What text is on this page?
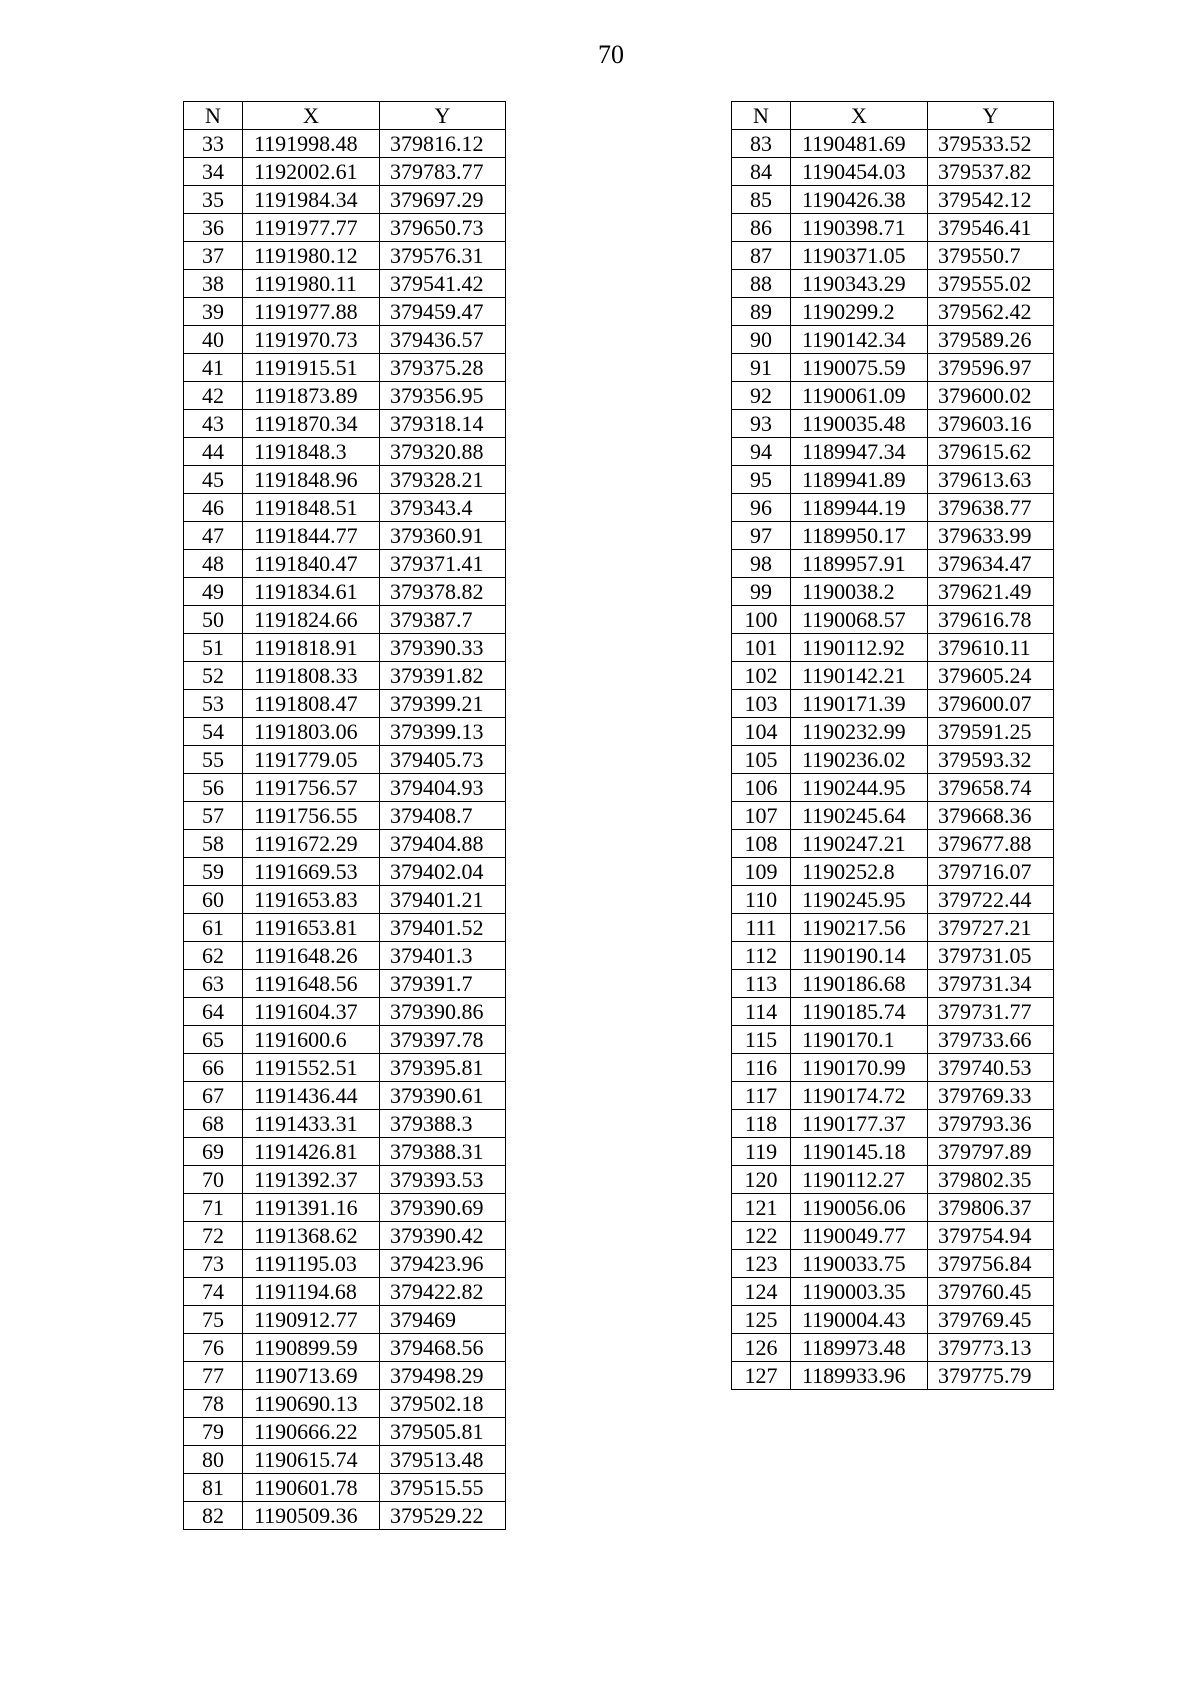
70
N	X	Y
33	1191998.48	379816.12
34	1192002.61	379783.77
35	1191984.34	379697.29
36	1191977.77	379650.73
37	1191980.12	379576.31
38	1191980.11	379541.42
39	1191977.88	379459.47
40	1191970.73	379436.57
41	1191915.51	379375.28
42	1191873.89	379356.95
43	1191870.34	379318.14
44	1191848.3	379320.88
45	1191848.96	379328.21
46	1191848.51	379343.4
47	1191844.77	379360.91
48	1191840.47	379371.41
49	1191834.61	379378.82
50	1191824.66	379387.7
51	1191818.91	379390.33
52	1191808.33	379391.82
53	1191808.47	379399.21
54	1191803.06	379399.13
55	1191779.05	379405.73
56	1191756.57	379404.93
57	1191756.55	379408.7
58	1191672.29	379404.88
59	1191669.53	379402.04
60	1191653.83	379401.21
61	1191653.81	379401.52
62	1191648.26	379401.3
63	1191648.56	379391.7
64	1191604.37	379390.86
65	1191600.6	379397.78
66	1191552.51	379395.81
67	1191436.44	379390.61
68	1191433.31	379388.3
69	1191426.81	379388.31
70	1191392.37	379393.53
71	1191391.16	379390.69
72	1191368.62	379390.42
73	1191195.03	379423.96
74	1191194.68	379422.82
75	1190912.77	379469
76	1190899.59	379468.56
77	1190713.69	379498.29
78	1190690.13	379502.18
79	1190666.22	379505.81
80	1190615.74	379513.48
81	1190601.78	379515.55
82	1190509.36	379529.22
N	X	Y
83	1190481.69	379533.52
84	1190454.03	379537.82
85	1190426.38	379542.12
86	1190398.71	379546.41
87	1190371.05	379550.7
88	1190343.29	379555.02
89	1190299.2	379562.42
90	1190142.34	379589.26
91	1190075.59	379596.97
92	1190061.09	379600.02
93	1190035.48	379603.16
94	1189947.34	379615.62
95	1189941.89	379613.63
96	1189944.19	379638.77
97	1189950.17	379633.99
98	1189957.91	379634.47
99	1190038.2	379621.49
100	1190068.57	379616.78
101	1190112.92	379610.11
102	1190142.21	379605.24
103	1190171.39	379600.07
104	1190232.99	379591.25
105	1190236.02	379593.32
106	1190244.95	379658.74
107	1190245.64	379668.36
108	1190247.21	379677.88
109	1190252.8	379716.07
110	1190245.95	379722.44
111	1190217.56	379727.21
112	1190190.14	379731.05
113	1190186.68	379731.34
114	1190185.74	379731.77
115	1190170.1	379733.66
116	1190170.99	379740.53
117	1190174.72	379769.33
118	1190177.37	379793.36
119	1190145.18	379797.89
120	1190112.27	379802.35
121	1190056.06	379806.37
122	1190049.77	379754.94
123	1190033.75	379756.84
124	1190003.35	379760.45
125	1190004.43	379769.45
126	1189973.48	379773.13
127	1189933.96	379775.79
